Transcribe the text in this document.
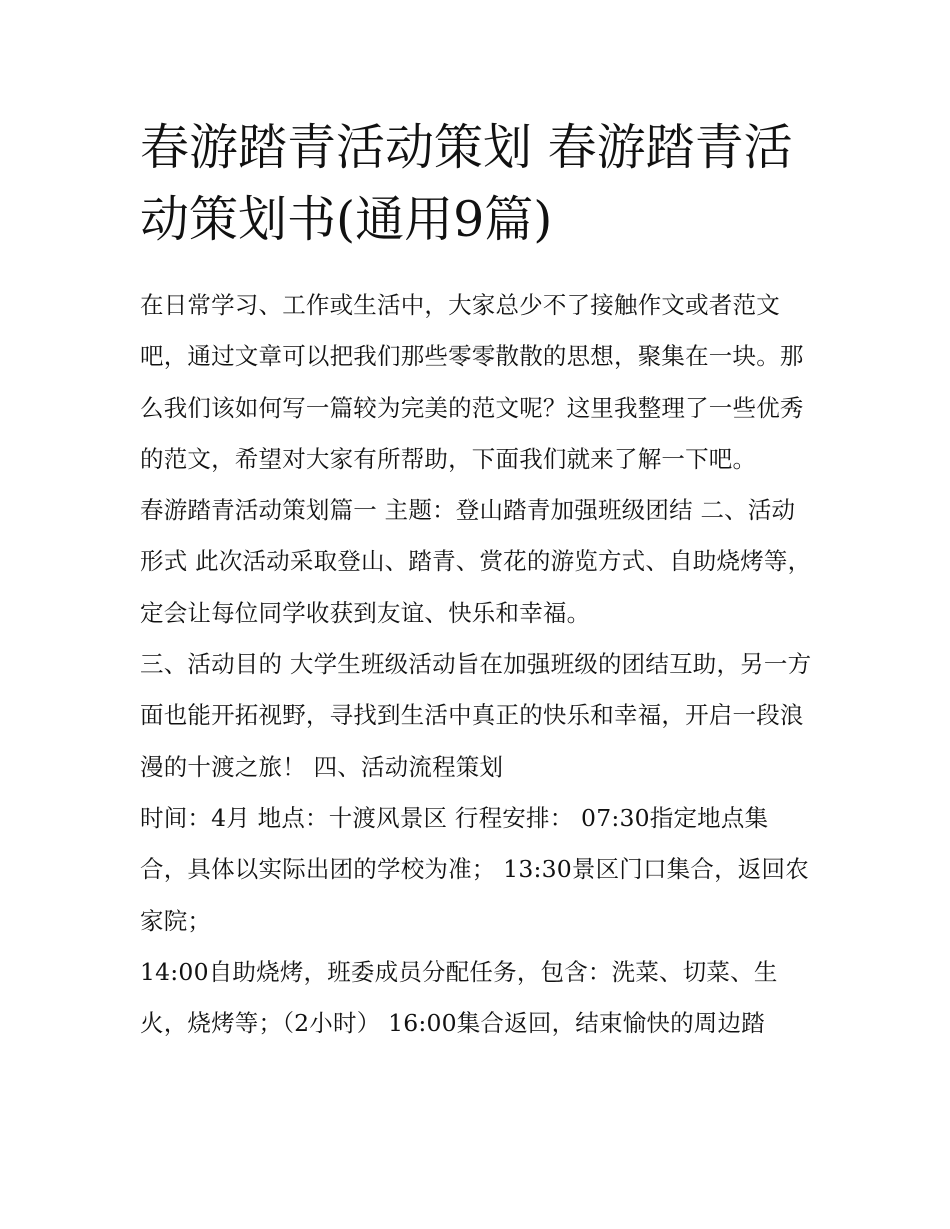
春游踏青活动策划 春游踏青活动策划书(通用9篇)

在日常学习、工作或生活中，大家总少不了接触作文或者范文吧，通过文章可以把我们那些零零散散的思想，聚集在一块。那么我们该如何写一篇较为完美的范文呢？这里我整理了一些优秀的范文，希望对大家有所帮助，下面我们就来了解一下吧。

春游踏青活动策划篇一 主题：登山踏青加强班级团结 二、活动形式 此次活动采取登山、踏青、赏花的游览方式、自助烧烤等，定会让每位同学收获到友谊、快乐和幸福。

三、活动目的 大学生班级活动旨在加强班级的团结互助，另一方面也能开拓视野，寻找到生活中真正的快乐和幸福，开启一段浪漫的十渡之旅！ 四、活动流程策划

时间：4月 地点：十渡风景区 行程安排： 07:30指定地点集合，具体以实际出团的学校为准； 13:30景区门口集合，返回农家院；

14:00自助烧烤，班委成员分配任务，包含：洗菜、切菜、生火，烧烤等；（2小时） 16:00集合返回，结束愉快的周边踏
